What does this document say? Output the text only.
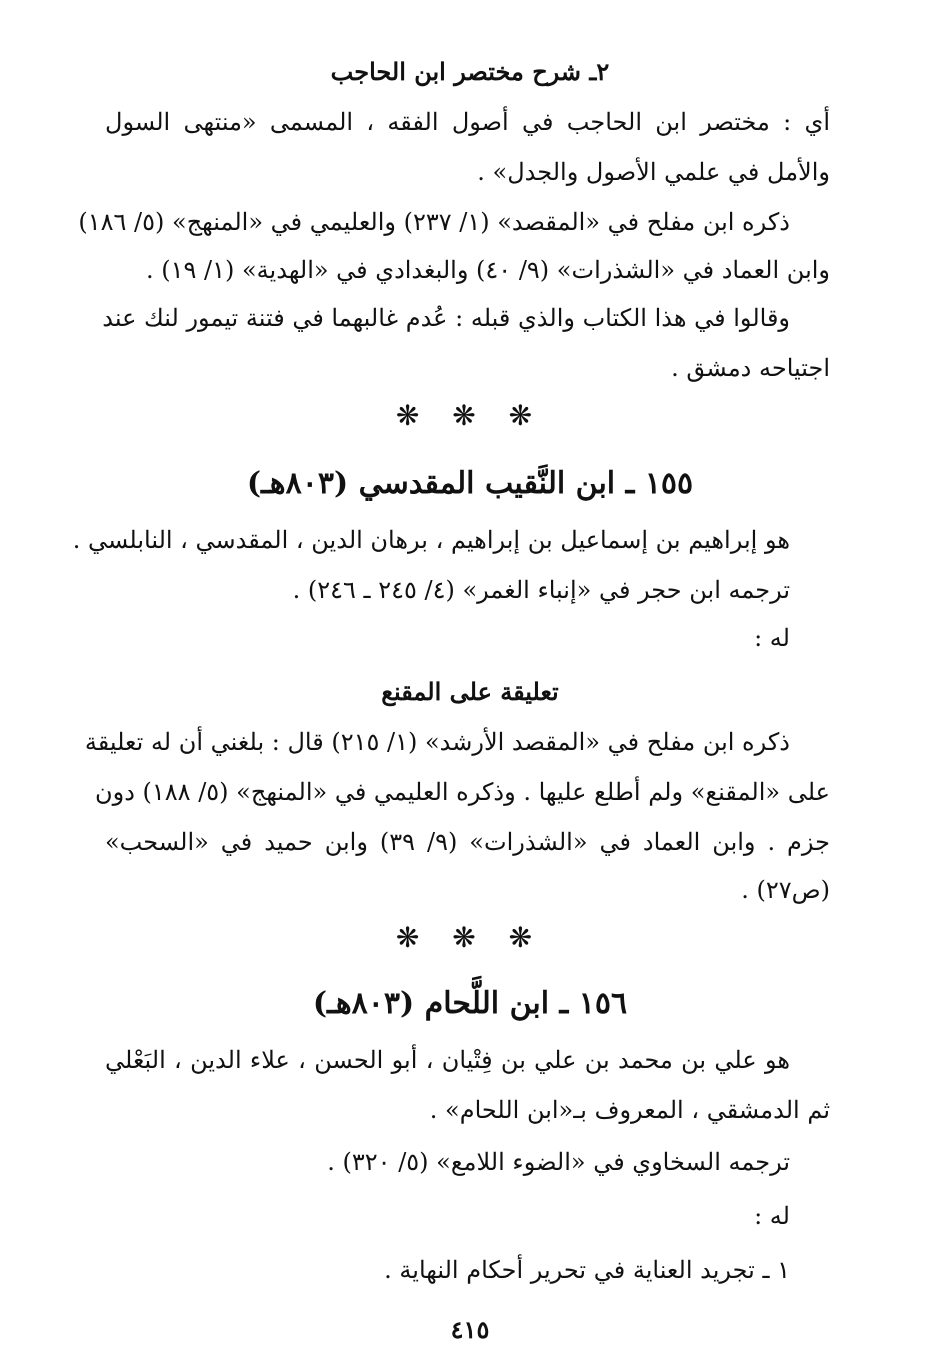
٢ـ شرح مختصر ابن الحاجب
أي : مختصر ابن الحاجب في أصول الفقه ، المسمى «منتهى السول
والأمل في علمي الأصول والجدل» .
ذكره ابن مفلح في «المقصد» (١/ ٢٣٧) والعليمي في «المنهج» (٥/ ١٨٦)
وابن العماد في «الشذرات» (٩/ ٤٠) والبغدادي في «الهدية» (١/ ١٩) .
وقالوا في هذا الكتاب والذي قبله : عُدم غالبهما في فتنة تيمور لنك عند
اجتياحه دمشق .
❋ ❋ ❋
١٥٥ ـ ابن النَّقيب المقدسي (٨٠٣هـ)
هو إبراهيم بن إسماعيل بن إبراهيم ، برهان الدين ، المقدسي ، النابلسي .
ترجمه ابن حجر في «إنباء الغمر» (٤/ ٢٤٥ ـ ٢٤٦) .
له :
تعليقة على المقنع
ذكره ابن مفلح في «المقصد الأرشد» (١/ ٢١٥) قال : بلغني أن له تعليقة
على «المقنع» ولم أطلع عليها . وذكره العليمي في «المنهج» (٥/ ١٨٨) دون
جزم . وابن العماد في «الشذرات» (٩/ ٣٩) وابن حميد في «السحب»
(ص٢٧) .
❋ ❋ ❋
١٥٦ ـ ابن اللَّحام (٨٠٣هـ)
هو علي بن محمد بن علي بن فِتْيان ، أبو الحسن ، علاء الدين ، البَعْلي
ثم الدمشقي ، المعروف بـ«ابن اللحام» .
ترجمه السخاوي في «الضوء اللامع» (٥/ ٣٢٠) .
له :
١ ـ تجريد العناية في تحرير أحكام النهاية .
٤١٥
